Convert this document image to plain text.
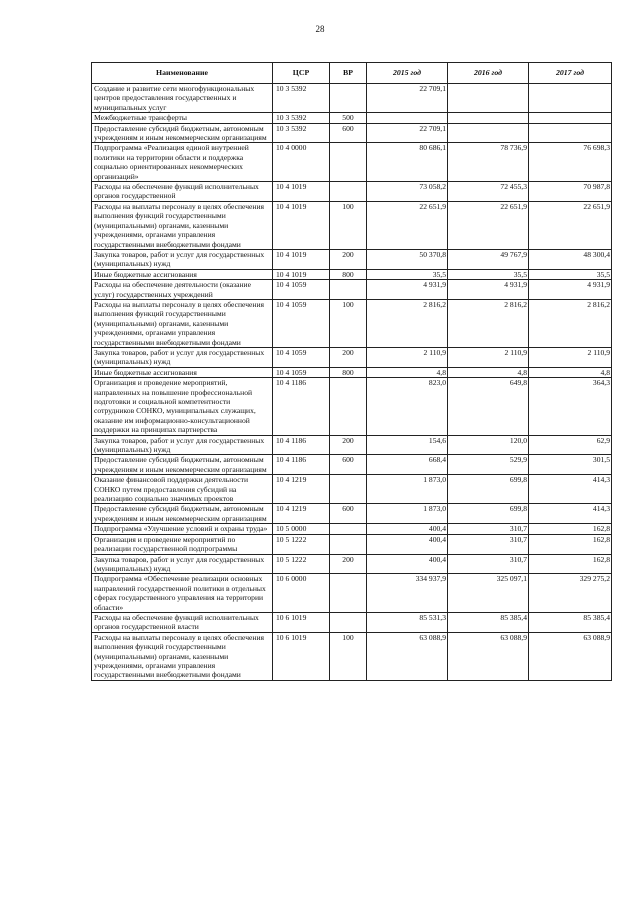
28
Наименование	ЦСР	ВР	2015 год	2016 год	2017 год
Создание и развитие сети многофункциональных центров предоставления государственных и муниципальных услуг	10 3 5392		22 709,1		
Межбюджетные трансферты	10 3 5392	500			
Предоставление субсидий бюджетным, автономным учреждениям и иным некоммерческим организациям	10 3 5392	600	22 709,1		
Подпрограмма «Реализация единой внутренней политики на территории области и поддержка социально ориентированных некоммерческих организаций»	10 4 0000		80 686,1	78 736,9	76 698,3
Расходы на обеспечение функций исполнительных органов государственной	10 4 1019		73 058,2	72 455,3	70 987,8
Расходы на выплаты персоналу в целях обеспечения выполнения функций государственными (муниципальными) органами, казенными учреждениями, органами управления государственными внебюджетными фондами	10 4 1019	100	22 651,9	22 651,9	22 651,9
Закупка товаров, работ и услуг для государственных (муниципальных) нужд	10 4 1019	200	50 370,8	49 767,9	48 300,4
Иные бюджетные ассигнования	10 4 1019	800	35,5	35,5	35,5
Расходы на обеспечение деятельности (оказание услуг) государственных учреждений	10 4 1059		4 931,9	4 931,9	4 931,9
Расходы на выплаты персоналу в целях обеспечения выполнения функций государственными (муниципальными) органами, казенными учреждениями, органами управления государственными внебюджетными фондами	10 4 1059	100	2 816,2	2 816,2	2 816,2
Закупка товаров, работ и услуг для государственных (муниципальных) нужд	10 4 1059	200	2 110,9	2 110,9	2 110,9
Иные бюджетные ассигнования	10 4 1059	800	4,8	4,8	4,8
Организация и проведение мероприятий, направленных на повышение профессиональной подготовки и социальной компетентности сотрудников СОНКО, муниципальных служащих, оказание им информационно-консультационной поддержки на принципах партнерства	10 4 1186		823,0	649,8	364,3
Закупка товаров, работ и услуг для государственных (муниципальных) нужд	10 4 1186	200	154,6	120,0	62,9
Предоставление субсидий бюджетным, автономным учреждениям и иным некоммерческим организациям	10 4 1186	600	668,4	529,9	301,5
Оказание финансовой поддержки деятельности СОНКО путем предоставления субсидий на реализацию социально значимых проектов	10 4 1219		1 873,0	699,8	414,3
Предоставление субсидий бюджетным, автономным учреждениям и иным некоммерческим организациям	10 4 1219	600	1 873,0	699,8	414,3
Подпрограмма «Улучшение условий и охраны труда»	10 5 0000		400,4	310,7	162,8
Организация и проведение мероприятий по реализации государственной подпрограммы	10 5 1222		400,4	310,7	162,8
Закупка товаров, работ и услуг для государственных (муниципальных) нужд	10 5 1222	200	400,4	310,7	162,8
Подпрограмма «Обеспечение реализации основных направлений государственной политики в отдельных сферах государственного управления на территории области»	10 6 0000		334 937,9	325 097,1	329 275,2
Расходы на обеспечение функций исполнительных органов государственной власти	10 6 1019		85 531,3	85 385,4	85 385,4
Расходы на выплаты персоналу в целях обеспечения выполнения функций государственными (муниципальными) органами, казенными учреждениями, органами управления государственными внебюджетными фондами	10 6 1019	100	63 088,9	63 088,9	63 088,9
